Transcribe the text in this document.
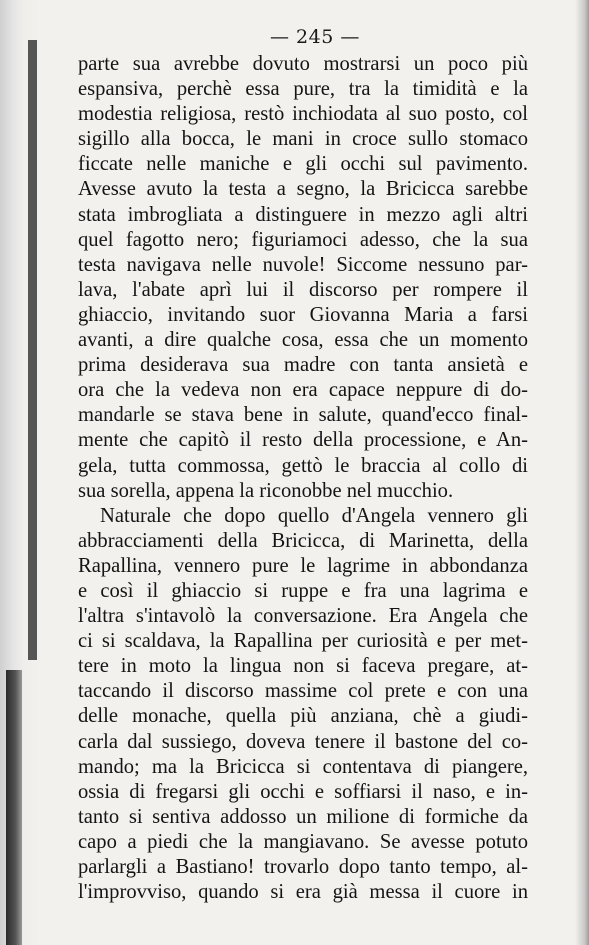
— 245 —
parte sua avrebbe dovuto mostrarsi un poco più
espansiva, perchè essa pure, tra la timidità e la
modestia religiosa, restò inchiodata al suo posto, col
sigillo alla bocca, le mani in croce sullo stomaco
ficcate nelle maniche e gli occhi sul pavimento.
Avesse avuto la testa a segno, la Bricicca sarebbe
stata imbrogliata a distinguere in mezzo agli altri
quel fagotto nero; figuriamoci adesso, che la sua
testa navigava nelle nuvole! Siccome nessuno par-
lava, l'abate aprì lui il discorso per rompere il
ghiaccio, invitando suor Giovanna Maria a farsi
avanti, a dire qualche cosa, essa che un momento
prima desiderava sua madre con tanta ansietà e
ora che la vedeva non era capace neppure di do-
mandarle se stava bene in salute, quand'ecco final-
mente che capitò il resto della processione, e An-
gela, tutta commossa, gettò le braccia al collo di
sua sorella, appena la riconobbe nel mucchio.
Naturale che dopo quello d'Angela vennero gli
abbracciamenti della Bricicca, di Marinetta, della
Rapallina, vennero pure le lagrime in abbondanza
e così il ghiaccio si ruppe e fra una lagrima e
l'altra s'intavolò la conversazione. Era Angela che
ci si scaldava, la Rapallina per curiosità e per met-
tere in moto la lingua non si faceva pregare, at-
taccando il discorso massime col prete e con una
delle monache, quella più anziana, chè a giudi-
carla dal sussiego, doveva tenere il bastone del co-
mando; ma la Bricicca si contentava di piangere,
ossia di fregarsi gli occhi e soffiarsi il naso, e in-
tanto si sentiva addosso un milione di formiche da
capo a piedi che la mangiavano. Se avesse potuto
parlargli a Bastiano! trovarlo dopo tanto tempo, al-
l'improvviso, quando si era già messa il cuore in
